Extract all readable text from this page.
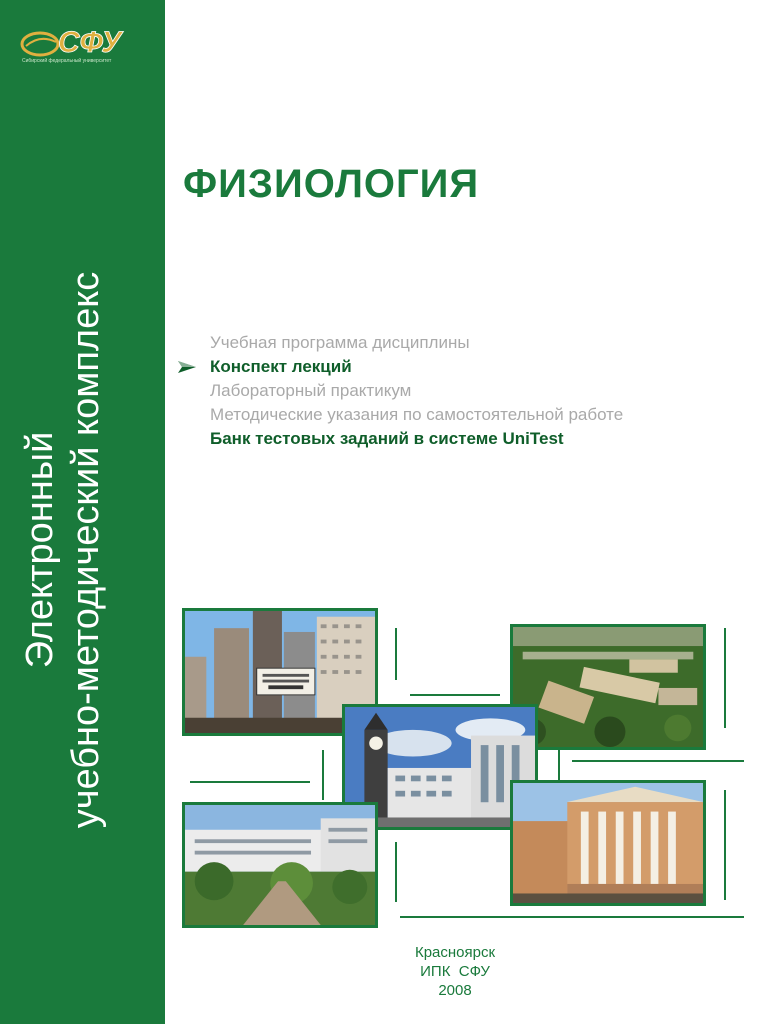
СФУ
Сибирский федеральный университет
Электронный учебно-методический комплекс
ФИЗИОЛОГИЯ
Учебная программа дисциплины
Конспект лекций
Лабораторный практикум
Методические указания по самостоятельной работе
Банк тестовых заданий в системе UniTest
Красноярск
ИПК  СФУ
2008
